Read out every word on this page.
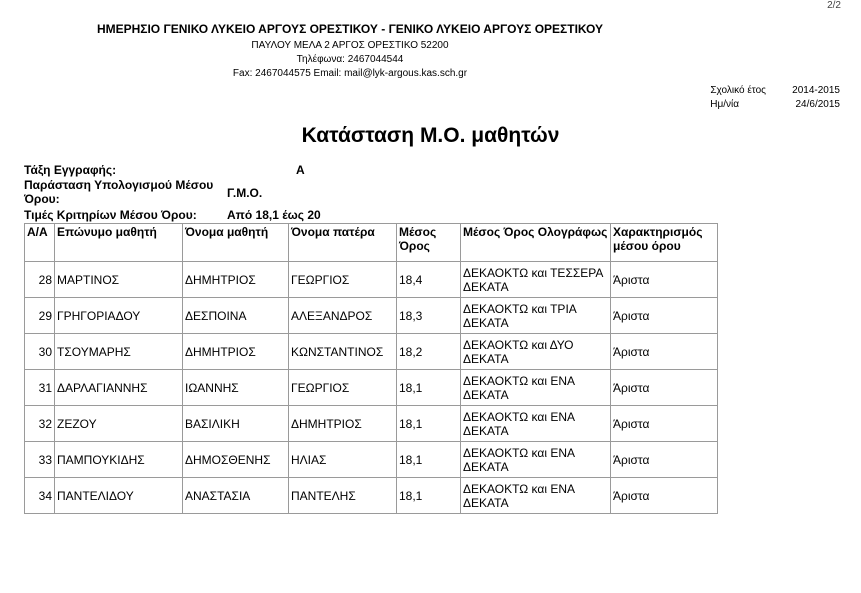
2/2
ΗΜΕΡΗΣΙΟ ΓΕΝΙΚΟ ΛΥΚΕΙΟ ΑΡΓΟΥΣ ΟΡΕΣΤΙΚΟΥ - ΓΕΝΙΚΟ ΛΥΚΕΙΟ ΑΡΓΟΥΣ ΟΡΕΣΤΙΚΟΥ
ΠΑΥΛΟΥ ΜΕΛΑ 2 ΑΡΓΟΣ ΟΡΕΣΤΙΚΟ 52200
Τηλέφωνα: 2467044544
Fax: 2467044575 Email: mail@lyk-argous.kas.sch.gr
Σχολικό έτος	2014-2015
Ημ/νία	24/6/2015
Κατάσταση Μ.Ο. μαθητών
Τάξη Εγγραφής:	Α
Παράσταση Υπολογισμού Μέσου Όρου:	Γ.Μ.Ο.
Τιμές Κριτηρίων Μέσου Όρου:	Από 18,1 έως 20
Α/Α	Επώνυμο μαθητή	Όνομα μαθητή	Όνομα πατέρα	Μέσος Όρος	Μέσος Όρος Ολογράφως	Χαρακτηρισμός μέσου όρου
28	ΜΑΡΤΙΝΟΣ	ΔΗΜΗΤΡΙΟΣ	ΓΕΩΡΓΙΟΣ	18,4	ΔΕΚΑΟΚΤΩ και ΤΕΣΣΕΡΑ ΔΕΚΑΤΑ	Άριστα
29	ΓΡΗΓΟΡΙΑΔΟΥ	ΔΕΣΠΟΙΝΑ	ΑΛΕΞΑΝΔΡΟΣ	18,3	ΔΕΚΑΟΚΤΩ και ΤΡΙΑ ΔΕΚΑΤΑ	Άριστα
30	ΤΣΟΥΜΑΡΗΣ	ΔΗΜΗΤΡΙΟΣ	ΚΩΝΣΤΑΝΤΙΝΟΣ	18,2	ΔΕΚΑΟΚΤΩ και ΔΥΟ ΔΕΚΑΤΑ	Άριστα
31	ΔΑΡΛΑΓΙΑΝΝΗΣ	ΙΩΑΝΝΗΣ	ΓΕΩΡΓΙΟΣ	18,1	ΔΕΚΑΟΚΤΩ και ΕΝΑ ΔΕΚΑΤΑ	Άριστα
32	ΖΕΖΟΥ	ΒΑΣΙΛΙΚΗ	ΔΗΜΗΤΡΙΟΣ	18,1	ΔΕΚΑΟΚΤΩ και ΕΝΑ ΔΕΚΑΤΑ	Άριστα
33	ΠΑΜΠΟΥΚΙΔΗΣ	ΔΗΜΟΣΘΕΝΗΣ	ΗΛΙΑΣ	18,1	ΔΕΚΑΟΚΤΩ και ΕΝΑ ΔΕΚΑΤΑ	Άριστα
34	ΠΑΝΤΕΛΙΔΟΥ	ΑΝΑΣΤΑΣΙΑ	ΠΑΝΤΕΛΗΣ	18,1	ΔΕΚΑΟΚΤΩ και ΕΝΑ ΔΕΚΑΤΑ	Άριστα
